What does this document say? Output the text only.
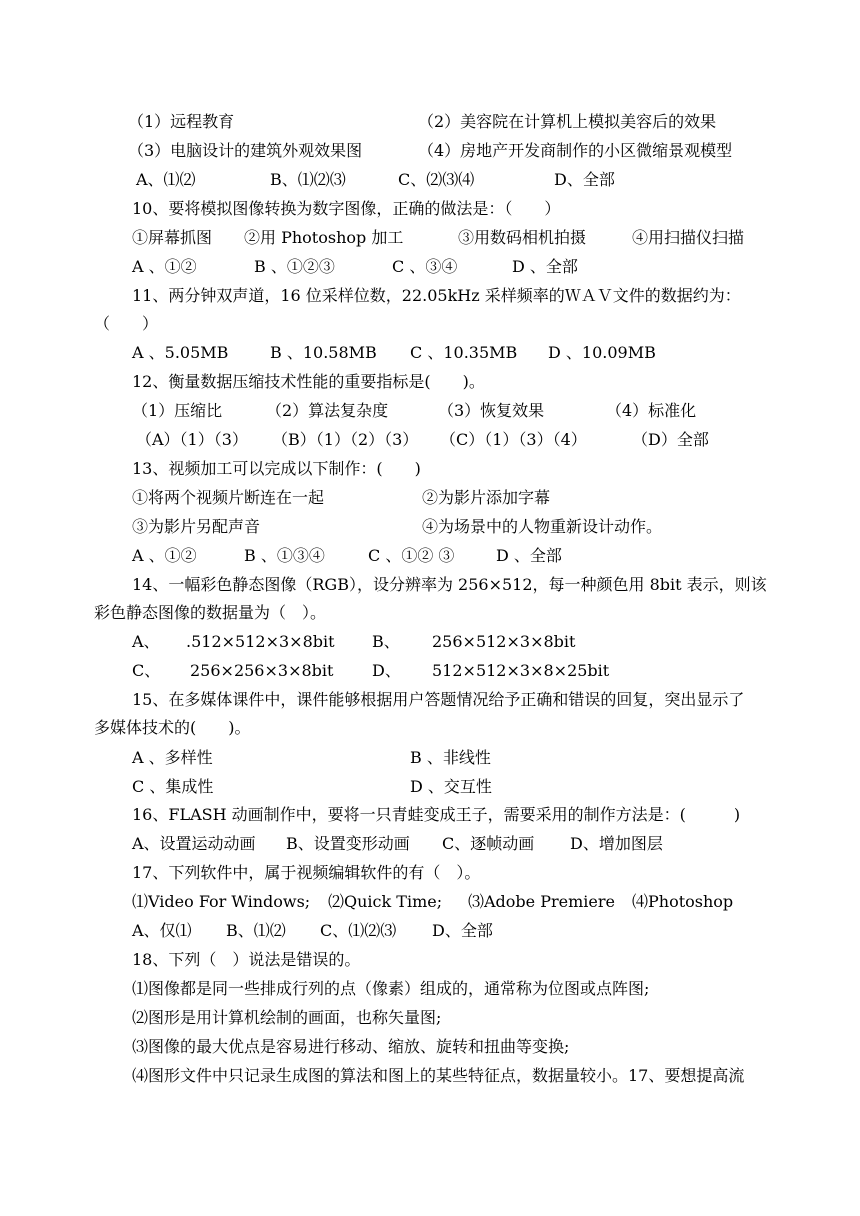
（1）远程教育	（2）美容院在计算机上模拟美容后的效果
（3）电脑设计的建筑外观效果图	（4）房地产开发商制作的小区微缩景观模型
A、⑴⑵	B、⑴⑵⑶	C、⑵⑶⑷	D、全部
10、要将模拟图像转换为数字图像，正确的做法是：（　　）
①屏幕抓图 ②用 Photoshop 加工	③用数码相机拍摄	④用扫描仪扫描
A 、①②	B 、①②③	C 、③④	D 、全部
11、两分钟双声道，16 位采样位数，22.05kHz 采样频率的ＷＡＶ文件的数据约为：
（　　）
A 、5.05MB	B 、10.58MB C 、10.35MB D 、10.09MB
12、衡量数据压缩技术性能的重要指标是(　　)。
（1）压缩比	（2）算法复杂度	（3）恢复效果	（4）标准化
（A）（1）（3） （B）（1）（2）（3） （C）（1）（3）（4）	（D）全部
13、视频加工可以完成以下制作：(　　)
①将两个视频片断连在一起	②为影片添加字幕
③为影片另配声音	④为场景中的人物重新设计动作。
A 、①②	B 、①③④	C 、①② ③	D 、全部
14、一幅彩色静态图像（RGB），设分辨率为 256×512，每一种颜色用 8bit 表示，则该
彩色静态图像的数据量为（　）。
A、 .512×512×3×8bit B、 256×512×3×8bit
C、 256×256×3×8bit D、 512×512×3×8×25bit
15、在多媒体课件中，课件能够根据用户答题情况给予正确和错误的回复，突出显示了
多媒体技术的(　　)。
A 、多样性	B 、非线性
C 、集成性	D 、交互性
16、FLASH 动画制作中，要将一只青蛙变成王子，需要采用的制作方法是：(　　　)
A、设置运动动画 B、设置变形动画 C、逐帧动画 D、增加图层
17、下列软件中，属于视频编辑软件的有（　）。
⑴Video For Windows; ⑵Quick Time; ⑶Adobe Premiere ⑷Photoshop
A、仅⑴ B、⑴⑵ C、⑴⑵⑶ D、全部
18、下列（　）说法是错误的。
⑴图像都是同一些排成行列的点（像素）组成的，通常称为位图或点阵图;
⑵图形是用计算机绘制的画面，也称矢量图;
⑶图像的最大优点是容易进行移动、缩放、旋转和扭曲等变换;
⑷图形文件中只记录生成图的算法和图上的某些特征点，数据量较小。17、要想提高流
